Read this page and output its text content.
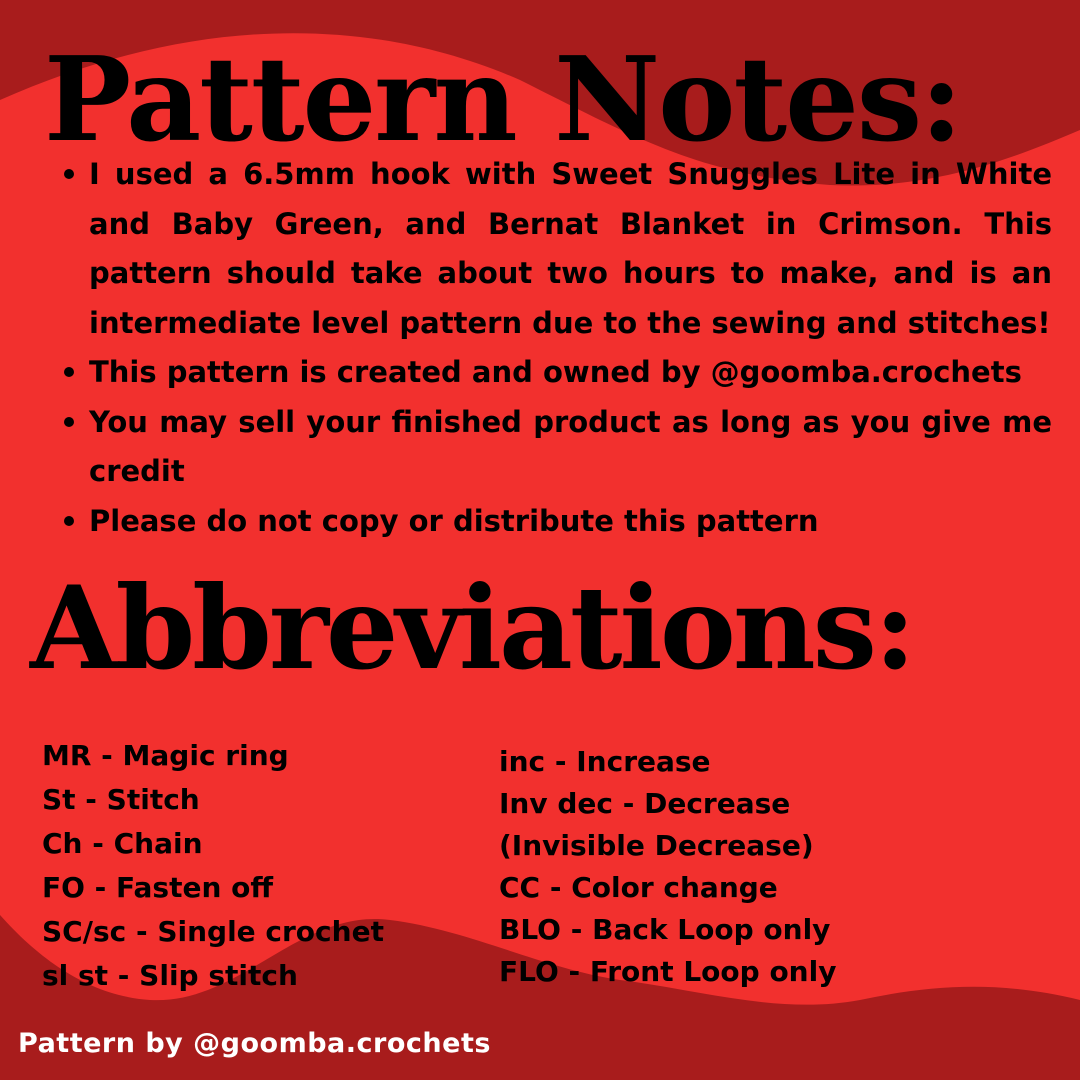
Pattern Notes:
I used a 6.5mm hook with Sweet Snuggles Lite in White and Baby Green, and Bernat Blanket in Crimson. This pattern should take about two hours to make, and is an intermediate level pattern due to the sewing and stitches!
This pattern is created and owned by @goomba.crochets
You may sell your finished product as long as you give me credit
Please do not copy or distribute this pattern
Abbreviations:
MR - Magic ring
St - Stitch
Ch - Chain
FO - Fasten off
SC/sc - Single crochet
sl st - Slip stitch
inc - Increase
Inv dec - Decrease (Invisible Decrease)
CC - Color change
BLO - Back Loop only
FLO - Front Loop only

Pattern by @goomba.crochets
